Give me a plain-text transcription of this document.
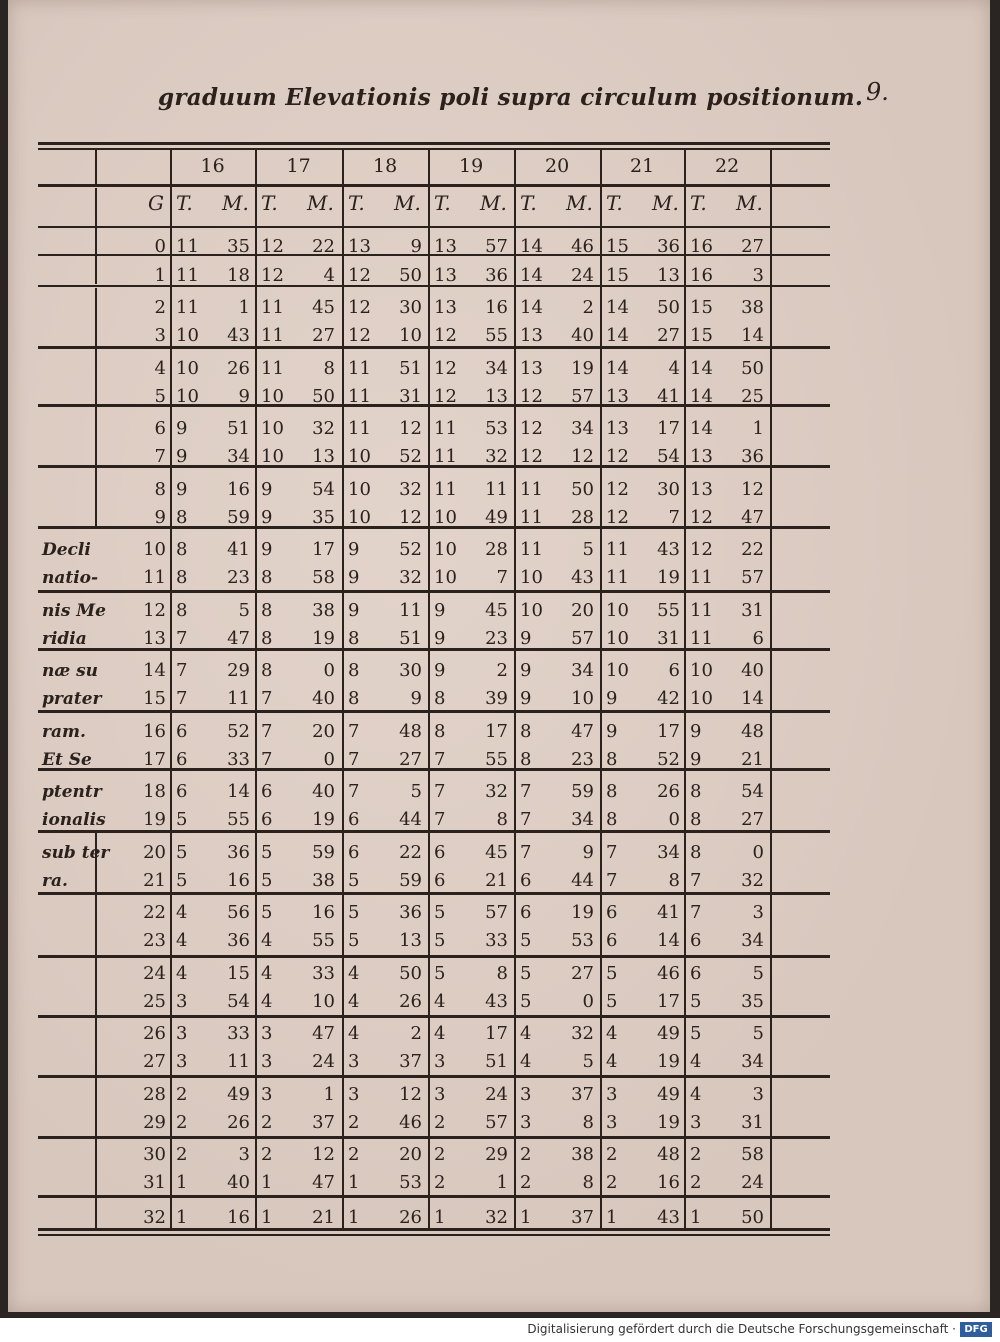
graduum Elevationis poli supra circulum positionum. 9.
16	17	18	19	20	21	22
G T. M. T. M. T. M. T. M. T. M. T. M. T. M.
0 11	35 12	22 13	9 13	57 14	46 15	36 16	27
1 11	18 12	4 12	50 13	36 14	24 15	13 16	3
2 11	1 11	45 12	30 13	16 14	2 14	50 15	38
3 10	43 11	27 12	10 12	55 13	40 14	27 15	14
4 10	26 11	8 11	51 12	34 13	19 14	4 14	50
5 10	9 10	50 11	31 12	13 12	57 13	41 14	25
6 9	51 10	32 11	12 11	53 12	34 13	17 14	1
7 9	34 10	13 10	52 11	32 12	12 12	54 13	36
8 9	16 9	54 10	32 11	11 11	50 12	30 13	12
9 8	59 9	35 10	12 10	49 11	28 12	7 12	47
10 8	41 9	17 9	52 10	28 11	5 11	43 12	22
11 8	23 8	58 9	32 10	7 10	43 11	19 11	57
12 8	5 8	38 9	11 9	45 10	20 10	55 11	31
13 7	47 8	19 8	51 9	23 9	57 10	31 11	6
14 7	29 8	0 8	30 9	2 9	34 10	6 10	40
15 7	11 7	40 8	9 8	39 9	10 9	42 10	14
16 6	52 7	20 7	48 8	17 8	47 9	17 9	48
17 6	33 7	0 7	27 7	55 8	23 8	52 9	21
18 6	14 6	40 7	5 7	32 7	59 8	26 8	54
19 5	55 6	19 6	44 7	8 7	34 8	0 8	27
20 5	36 5	59 6	22 6	45 7	9 7	34 8	0
21 5	16 5	38 5	59 6	21 6	44 7	8 7	32
22 4	56 5	16 5	36 5	57 6	19 6	41 7	3
23 4	36 4	55 5	13 5	33 5	53 6	14 6	34
24 4	15 4	33 4	50 5	8 5	27 5	46 6	5
25 3	54 4	10 4	26 4	43 5	0 5	17 5	35
26 3	33 3	47 4	2 4	17 4	32 4	49 5	5
27 3	11 3	24 3	37 3	51 4	5 4	19 4	34
28 2	49 3	1 3	12 3	24 3	37 3	49 4	3
29 2	26 2	37 2	46 2	57 3	8 3	19 3	31
30 2	3 2	12 2	20 2	29 2	38 2	48 2	58
31 1	40 1	47 1	53 2	1 2	8 2	16 2	24
32 1	16 1	21 1	26 1	32 1	37 1	43 1	50
Decli
natio-
nis Me
ridia
næ su
prater
ram.
Et Se
ptentr
ionalis
sub ter
ra.
Digitalisierung gefördert durch die Deutsche Forschungsgemeinschaft · DFG
